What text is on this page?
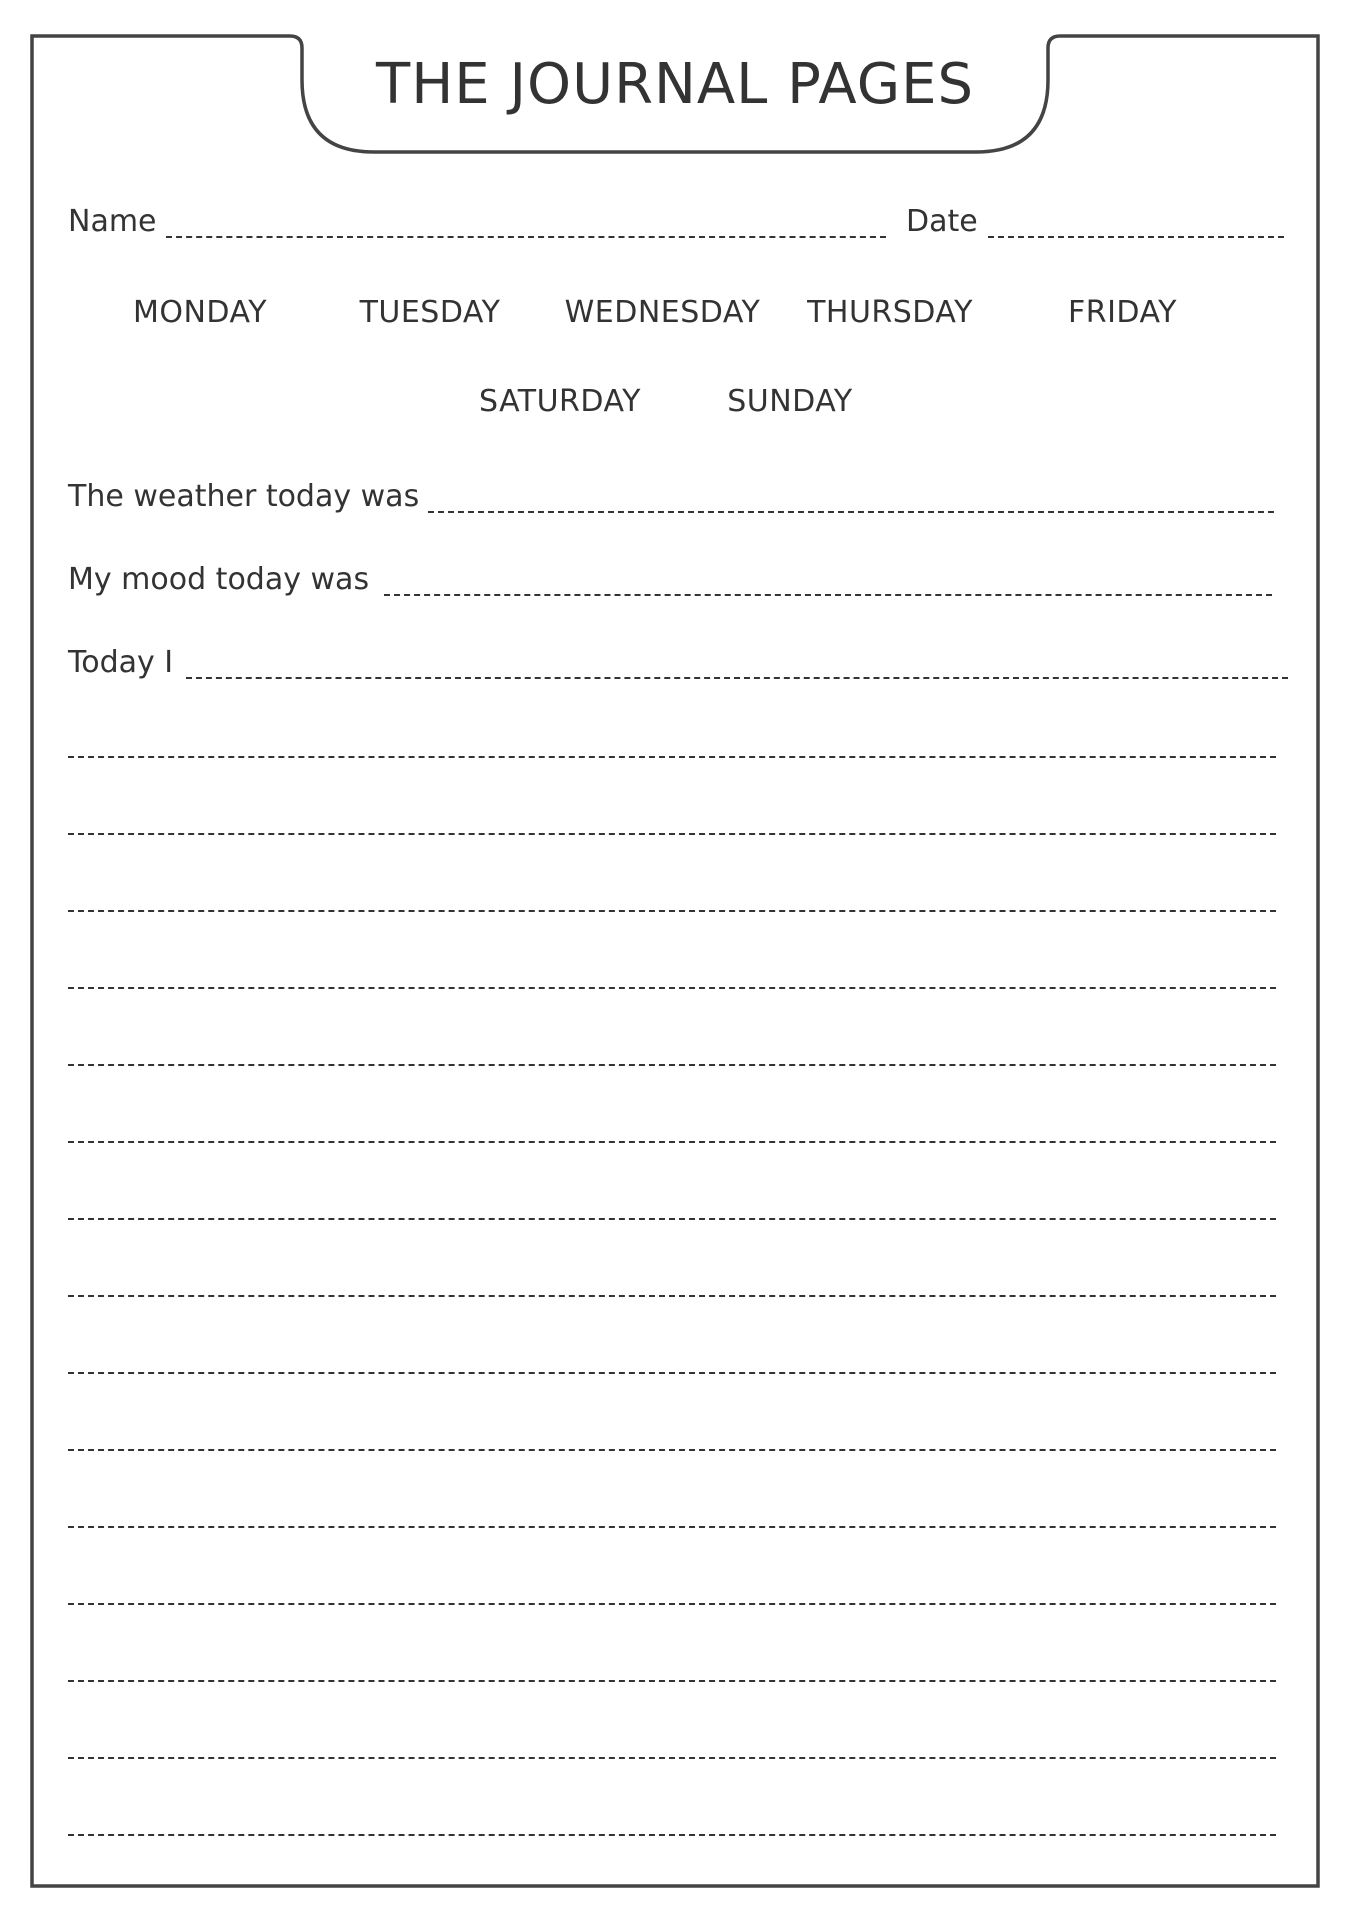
THE JOURNAL PAGES
Name	Date
MONDAY	TUESDAY	WEDNESDAY	THURSDAY	FRIDAY
SATURDAY	SUNDAY
The weather today was
My mood today was
Today I
